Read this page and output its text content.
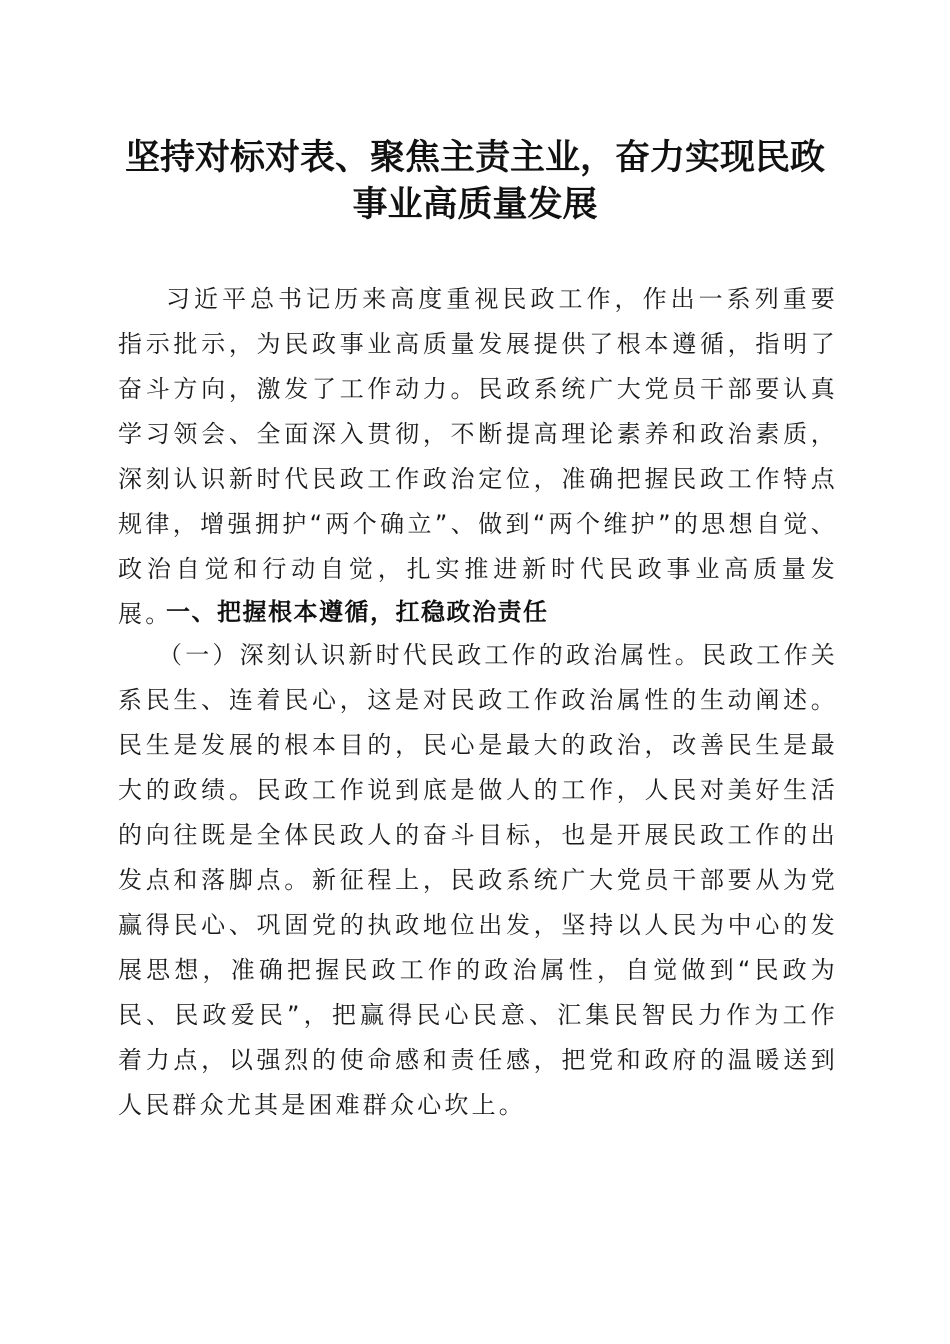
坚持对标对表、聚焦主责主业，奋力实现民政
事业高质量发展
习近平总书记历来高度重视民政工作，作出一系列重要指示批示，为民政事业高质量发展提供了根本遵循，指明了奋斗方向，激发了工作动力。民政系统广大党员干部要认真学习领会、全面深入贯彻，不断提高理论素养和政治素质，深刻认识新时代民政工作政治定位，准确把握民政工作特点规律，增强拥护“两个确立”、做到“两个维护”的思想自觉、政治自觉和行动自觉，扎实推进新时代民政事业高质量发展。
一、把握根本遵循，扛稳政治责任
（一）深刻认识新时代民政工作的政治属性。民政工作关系民生、连着民心，这是对民政工作政治属性的生动阐述。民生是发展的根本目的，民心是最大的政治，改善民生是最大的政绩。民政工作说到底是做人的工作，人民对美好生活的向往既是全体民政人的奋斗目标，也是开展民政工作的出发点和落脚点。新征程上，民政系统广大党员干部要从为党赢得民心、巩固党的执政地位出发，坚持以人民为中心的发展思想，准确把握民政工作的政治属性，自觉做到“民政为民、民政爱民”，把赢得民心民意、汇集民智民力作为工作着力点，以强烈的使命感和责任感，把党和政府的温暖送到人民群众尤其是困难群众心坎上。
